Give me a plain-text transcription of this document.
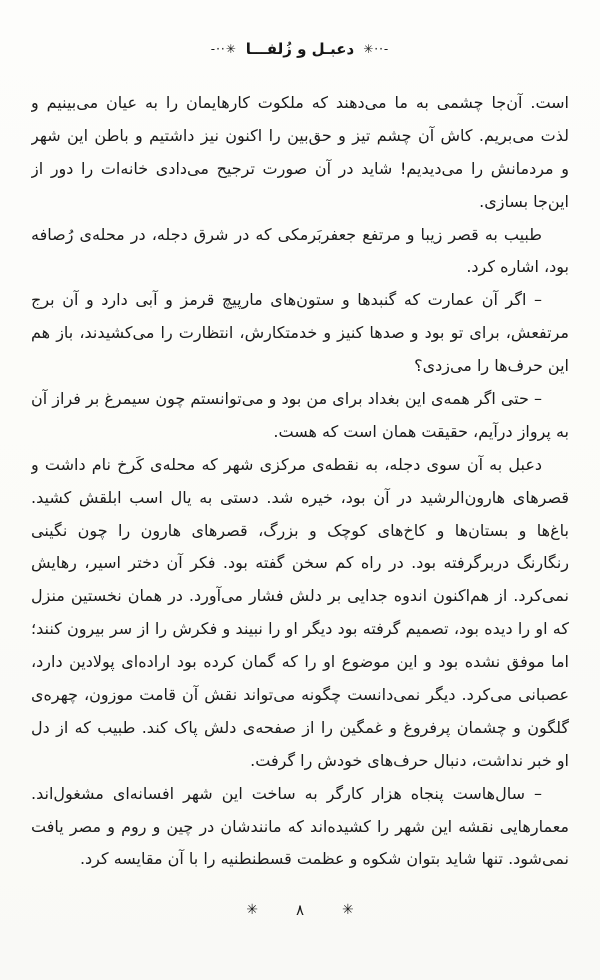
-··✳ دعبـل و زُلفـــا ✳··-
است. آن‌جا چشمی به ما می‌دهند که ملکوت کارهایمان را به عیان می‌بینیم و
لذت می‌بریم. کاش آن چشم تیز و حق‌بین را اکنون نیز داشتیم و باطن این شهر
و مردمانش را می‌دیدیم! شاید در آن صورت ترجیح می‌دادی خانه‌ات را دور از
این‌جا بسازی.
طبیب به قصر زیبا و مرتفع جعفربَرمکی که در شرق دجله، در محله‌ی رُصافه
بود، اشاره کرد.
– اگر آن عمارت که گنبدها و ستون‌های مارپیچ قرمز و آبی دارد و آن برج
مرتفعش، برای تو بود و صدها کنیز و خدمتکارش، انتظارت را می‌کشیدند، باز هم
این حرف‌ها را می‌زدی؟
– حتی اگر همه‌ی این بغداد برای من بود و می‌توانستم چون سیمرغ بر فراز آن
به پرواز درآیم، حقیقت همان است که هست.
دعبل به آن سوی دجله، به نقطه‌ی مرکزی شهر که محله‌ی کَرخ نام داشت و
قصرهای هارون‌الرشید در آن بود، خیره شد. دستی به یال اسب ابلقش کشید.
باغ‌ها و بستان‌ها و کاخ‌های کوچک و بزرگ، قصرهای هارون را چون نگینی
رنگارنگ دربرگرفته بود. در راه کم سخن گفته بود. فکر آن دختر اسیر، رهایش
نمی‌کرد. از هم‌اکنون اندوه جدایی بر دلش فشار می‌آورد. در همان نخستین منزل
که او را دیده بود، تصمیم گرفته بود دیگر او را نبیند و فکرش را از سر بیرون کنند؛
اما موفق نشده بود و این موضوع او را که گمان کرده بود اراده‌ای پولادین دارد،
عصبانی می‌کرد. دیگر نمی‌دانست چگونه می‌تواند نقش آن قامت موزون، چهره‌ی
گلگون و چشمان پرفروغ و غمگین را از صفحه‌ی دلش پاک کند. طبیب که از دل
او خبر نداشت، دنبال حرف‌های خودش را گرفت.
– سال‌هاست پنجاه هزار کارگر به ساخت این شهر افسانه‌ای مشغول‌اند.
معمارهایی نقشه این شهر را کشیده‌اند که مانندشان در چین و روم و مصر یافت
نمی‌شود. تنها شاید بتوان شکوه و عظمت قسطنطنیه را با آن مقایسه کرد.
✳	۸	✳
